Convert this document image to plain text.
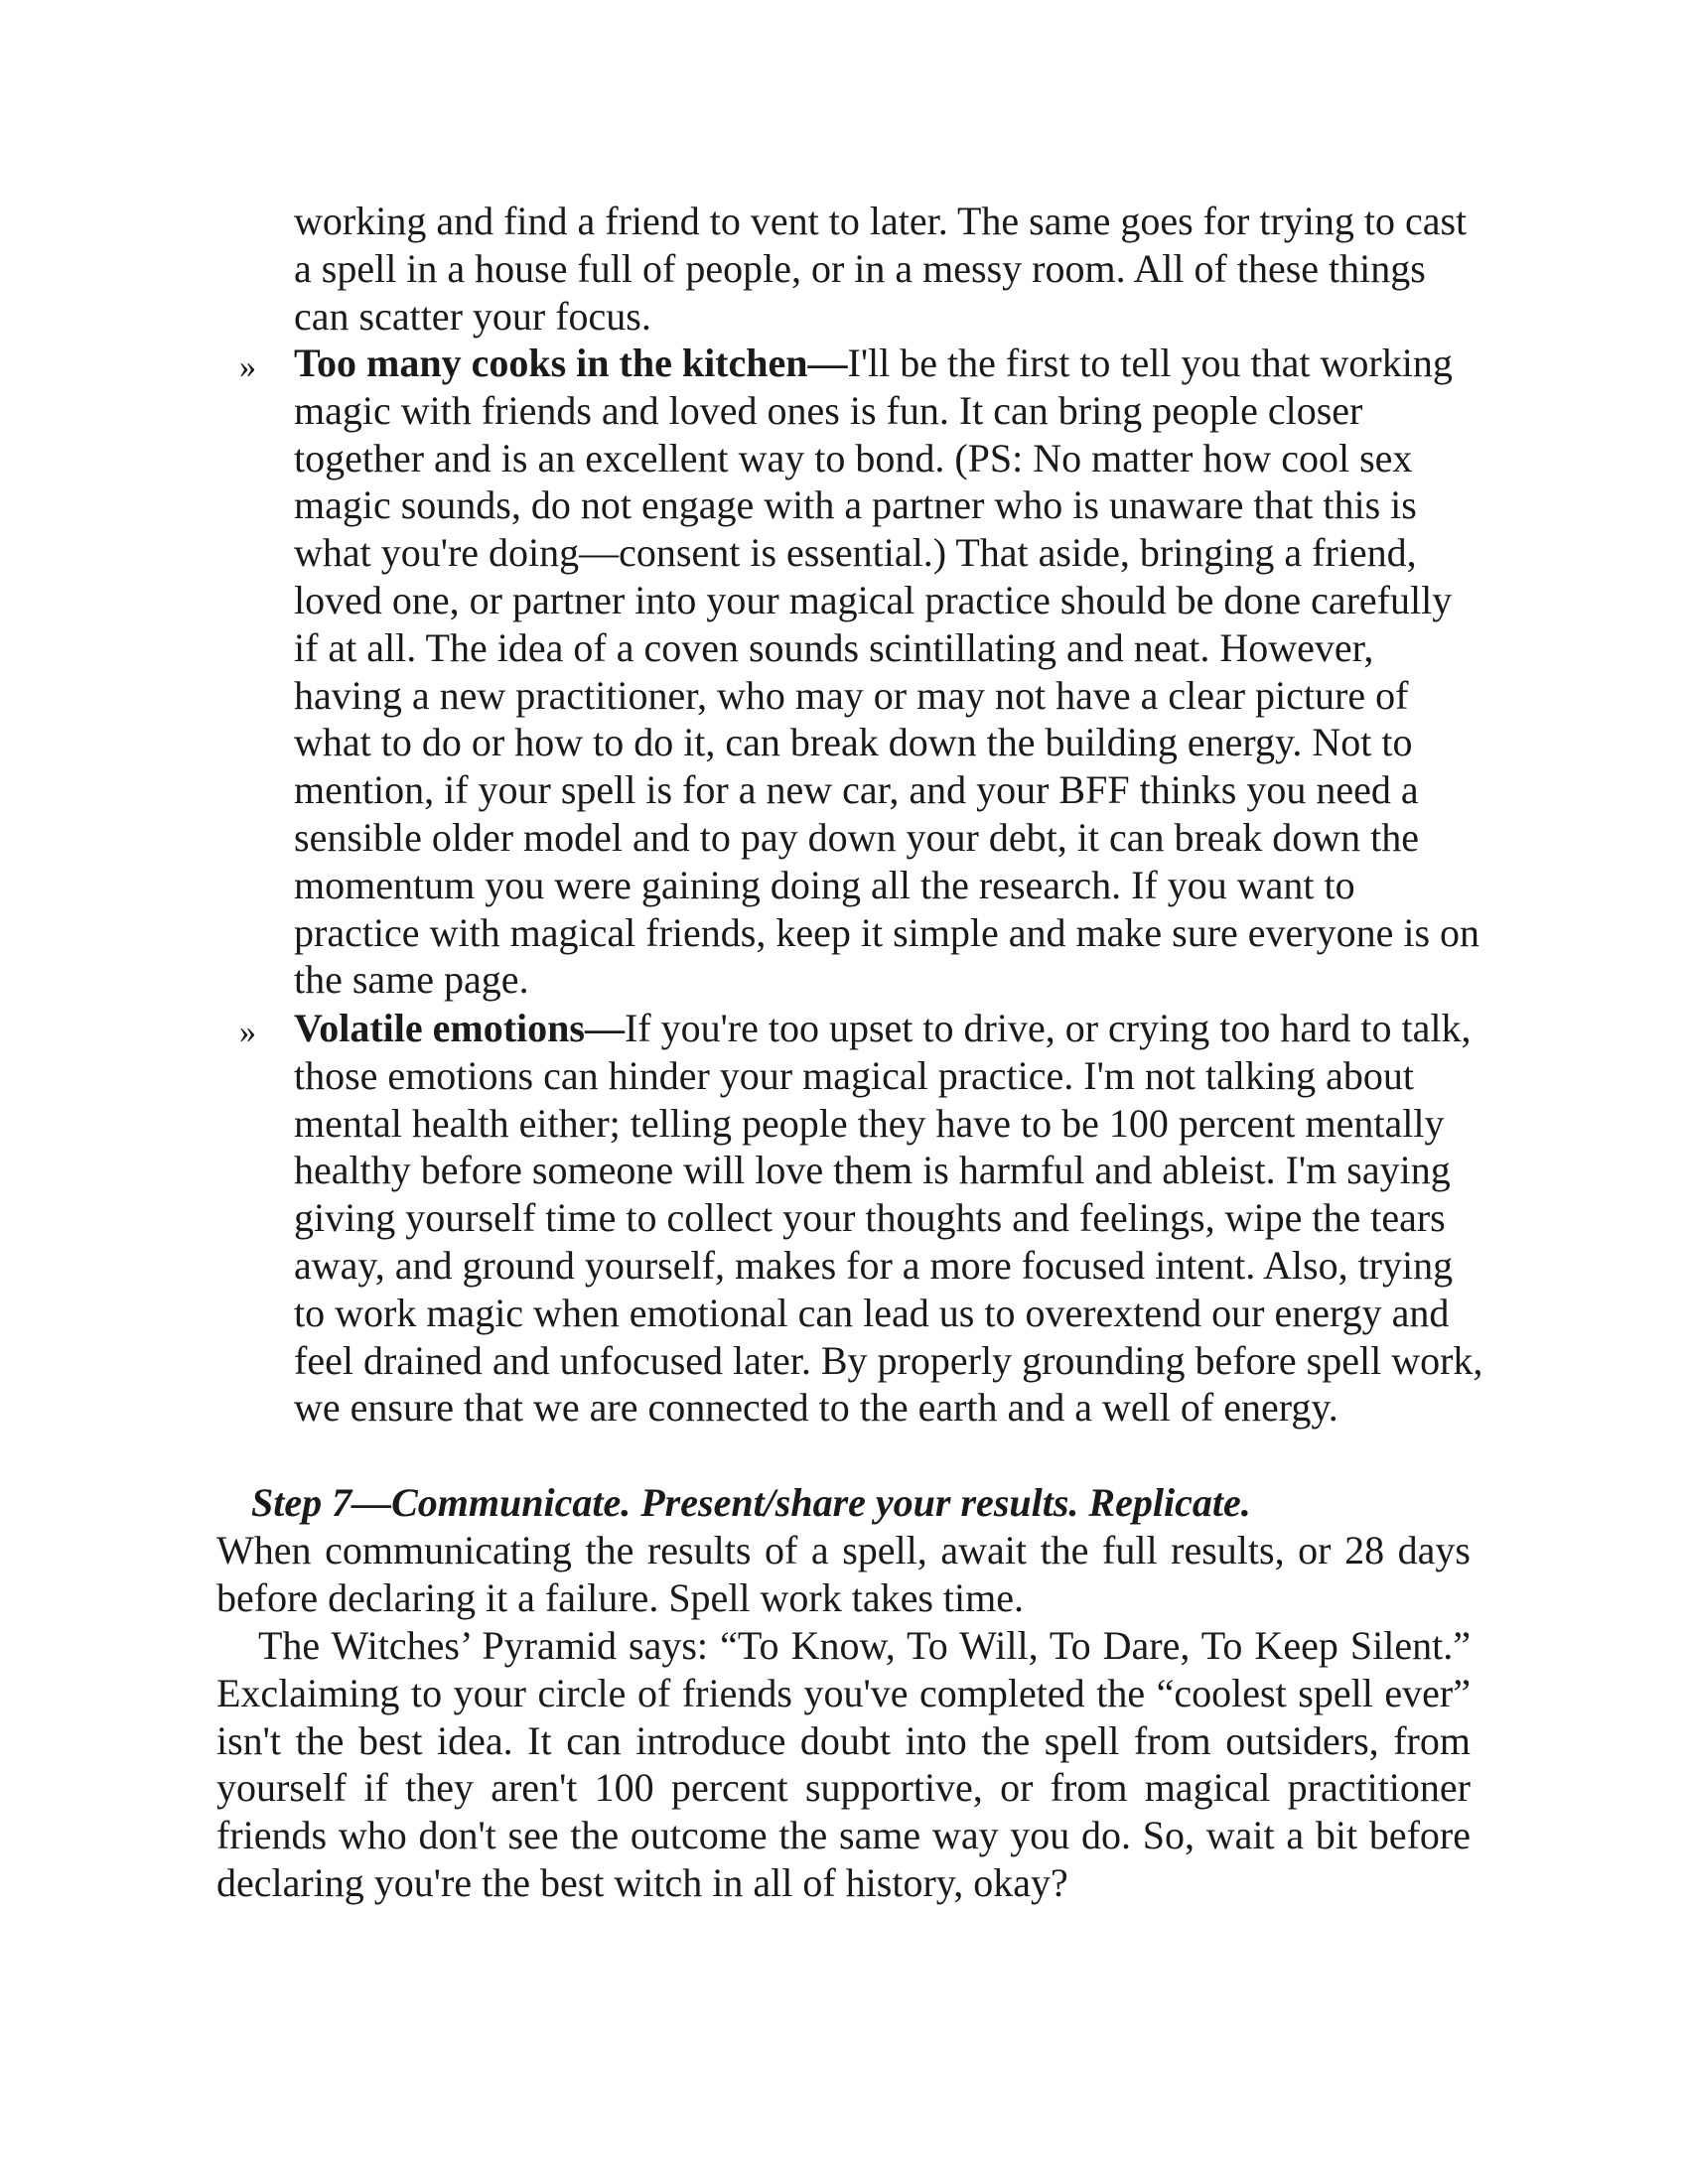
working and find a friend to vent to later. The same goes for trying to cast a spell in a house full of people, or in a messy room. All of these things can scatter your focus.

» Too many cooks in the kitchen—I'll be the first to tell you that working magic with friends and loved ones is fun. It can bring people closer together and is an excellent way to bond. (PS: No matter how cool sex magic sounds, do not engage with a partner who is unaware that this is what you're doing—consent is essential.) That aside, bringing a friend, loved one, or partner into your magical practice should be done carefully if at all. The idea of a coven sounds scintillating and neat. However, having a new practitioner, who may or may not have a clear picture of what to do or how to do it, can break down the building energy. Not to mention, if your spell is for a new car, and your BFF thinks you need a sensible older model and to pay down your debt, it can break down the momentum you were gaining doing all the research. If you want to practice with magical friends, keep it simple and make sure everyone is on the same page.

» Volatile emotions—If you're too upset to drive, or crying too hard to talk, those emotions can hinder your magical practice. I'm not talking about mental health either; telling people they have to be 100 percent mentally healthy before someone will love them is harmful and ableist. I'm saying giving yourself time to collect your thoughts and feelings, wipe the tears away, and ground yourself, makes for a more focused intent. Also, trying to work magic when emotional can lead us to overextend our energy and feel drained and unfocused later. By properly grounding before spell work, we ensure that we are connected to the earth and a well of energy.

Step 7—Communicate. Present/share your results. Replicate.

When communicating the results of a spell, await the full results, or 28 days before declaring it a failure. Spell work takes time.

The Witches’ Pyramid says: “To Know, To Will, To Dare, To Keep Silent.” Exclaiming to your circle of friends you've completed the “coolest spell ever” isn't the best idea. It can introduce doubt into the spell from outsiders, from yourself if they aren't 100 percent supportive, or from magical practitioner friends who don't see the outcome the same way you do. So, wait a bit before declaring you're the best witch in all of history, okay?
